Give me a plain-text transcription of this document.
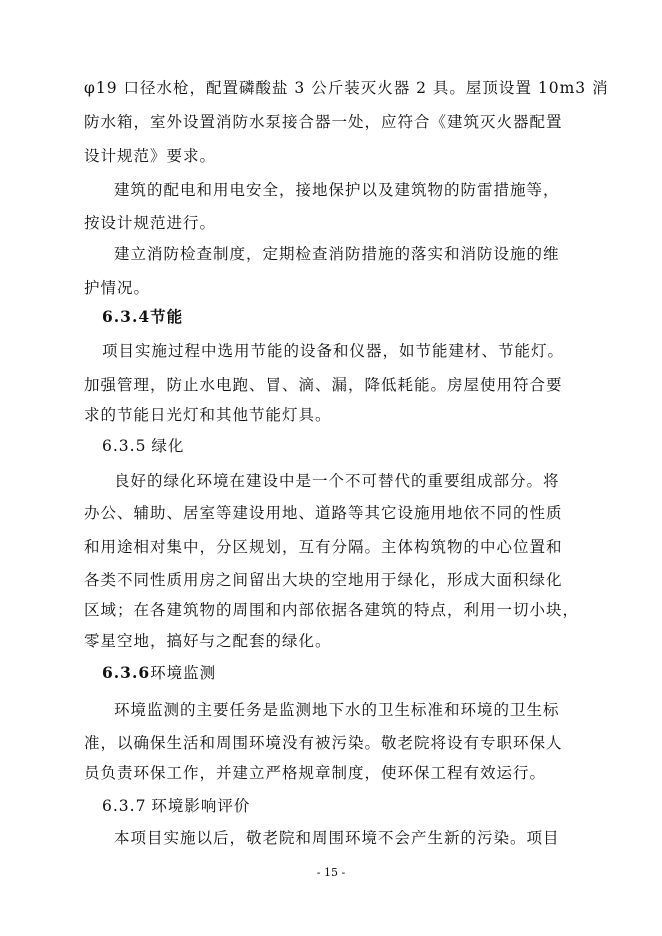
φ19 口径水枪，配置磷酸盐 3 公斤装灭火器 2 具。屋顶设置 10m3 消
防水箱，室外设置消防水泵接合器一处，应符合《建筑灭火器配置
设计规范》要求。
建筑的配电和用电安全，接地保护以及建筑物的防雷措施等，
按设计规范进行。
建立消防检查制度，定期检查消防措施的落实和消防设施的维
护情况。
6.3.4节能
项目实施过程中选用节能的设备和仪器，如节能建材、节能灯。
加强管理，防止水电跑、冒、滴、漏，降低耗能。房屋使用符合要
求的节能日光灯和其他节能灯具。
6.3.5 绿化
良好的绿化环境在建设中是一个不可替代的重要组成部分。将
办公、辅助、居室等建设用地、道路等其它设施用地依不同的性质
和用途相对集中，分区规划，互有分隔。主体构筑物的中心位置和
各类不同性质用房之间留出大块的空地用于绿化，形成大面积绿化
区域；在各建筑物的周围和内部依据各建筑的特点，利用一切小块，
零星空地，搞好与之配套的绿化。
6.3.6环境监测
环境监测的主要任务是监测地下水的卫生标准和环境的卫生标
准，以确保生活和周围环境没有被污染。敬老院将设有专职环保人
员负责环保工作，并建立严格规章制度，使环保工程有效运行。
6.3.7 环境影响评价
本项目实施以后，敬老院和周围环境不会产生新的污染。项目
- 15 -
